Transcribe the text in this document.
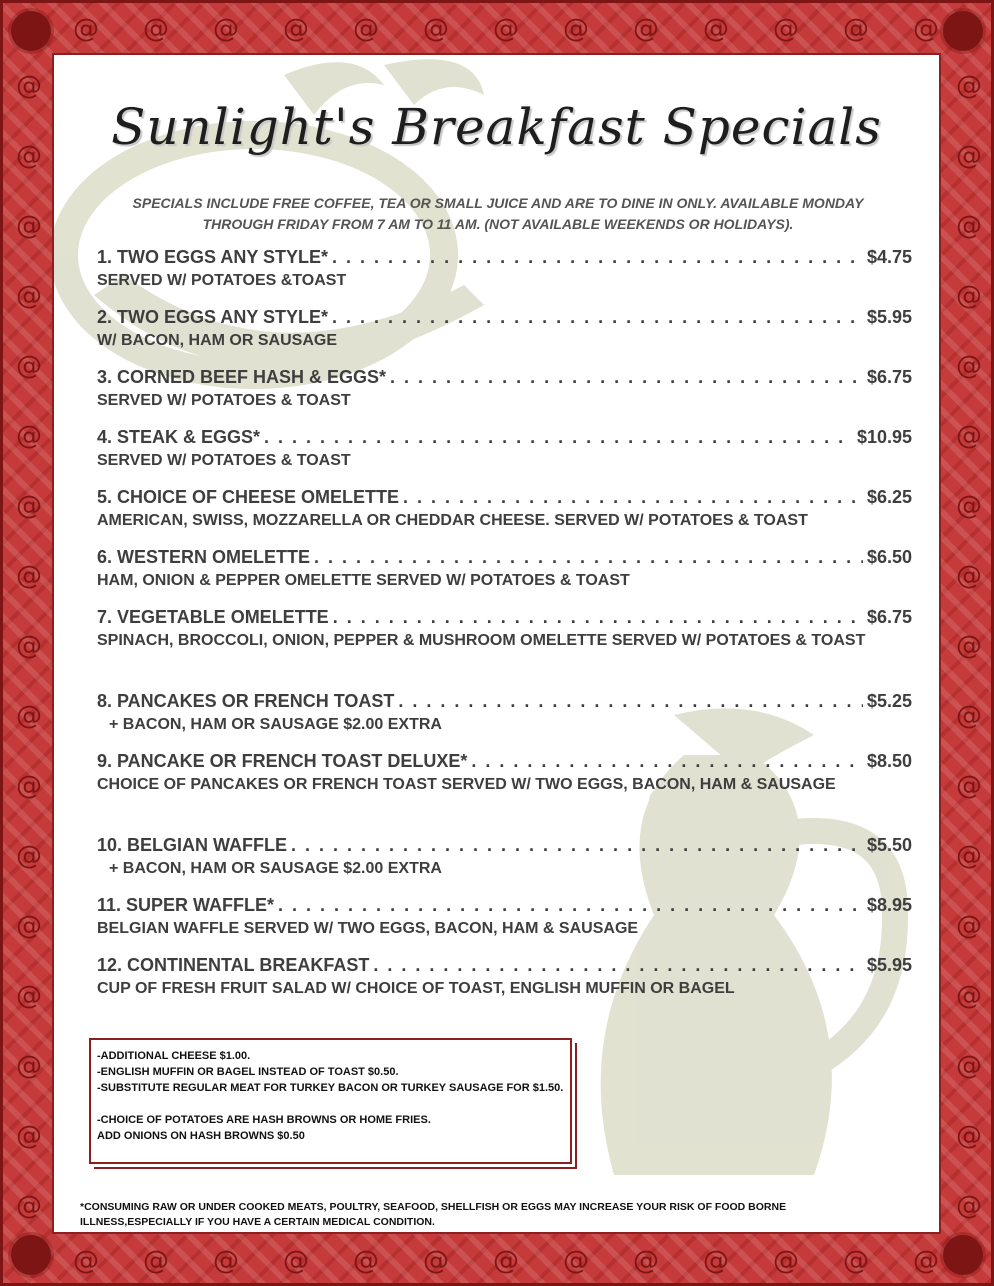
@
@
@
@
@
@
@
@
@
@
@
@
@
@
@
@
@
@
@
@
@
@
@
@
@
@
@	@
@	@
@	@
@	@
@	@
@	@
@	@
@	@
@	@
@	@
@	@
@	@
@	@
@	@
@	@
@	@
@	@
Sunlight's Breakfast Specials
SPECIALS INCLUDE FREE COFFEE, TEA OR SMALL JUICE AND ARE TO DINE IN ONLY. AVAILABLE MONDAY THROUGH FRIDAY FROM 7 AM TO 11 AM. (NOT AVAILABLE WEEKENDS OR HOLIDAYS).
1. TWO EGGS ANY STYLE* . . .	$4.75
SERVED W/ POTATOES &TOAST
2. TWO EGGS ANY STYLE* . . .	$5.95
W/ BACON, HAM OR SAUSAGE
3. CORNED BEEF HASH & EGGS* . . .	$6.75
SERVED W/ POTATOES & TOAST
4. STEAK & EGGS* . . .	$10.95
SERVED W/ POTATOES & TOAST
5. CHOICE OF CHEESE OMELETTE . . .	$6.25
AMERICAN, SWISS, MOZZARELLA OR CHEDDAR CHEESE. SERVED W/ POTATOES & TOAST
6. WESTERN OMELETTE . . .	$6.50
HAM, ONION & PEPPER OMELETTE SERVED W/ POTATOES & TOAST
7. VEGETABLE OMELETTE . . .	$6.75
SPINACH, BROCCOLI, ONION, PEPPER & MUSHROOM OMELETTE SERVED W/ POTATOES & TOAST
8. PANCAKES OR FRENCH TOAST . . .	$5.25
+ BACON, HAM OR SAUSAGE $2.00 EXTRA
9. PANCAKE OR FRENCH TOAST DELUXE* . . .	$8.50
CHOICE OF PANCAKES OR FRENCH TOAST SERVED W/ TWO EGGS, BACON, HAM & SAUSAGE
10. BELGIAN WAFFLE . . .	$5.50
+ BACON, HAM OR SAUSAGE $2.00 EXTRA
11. SUPER WAFFLE* . . .	$8.95
BELGIAN WAFFLE SERVED W/ TWO EGGS, BACON, HAM & SAUSAGE
12. CONTINENTAL BREAKFAST . . .	$5.95
CUP OF FRESH FRUIT SALAD W/ CHOICE OF TOAST, ENGLISH MUFFIN OR BAGEL
-ADDITIONAL CHEESE $1.00.
-ENGLISH MUFFIN OR BAGEL INSTEAD OF TOAST $0.50.
-SUBSTITUTE REGULAR MEAT FOR TURKEY BACON OR TURKEY SAUSAGE FOR $1.50.
-CHOICE OF POTATOES ARE HASH BROWNS OR HOME FRIES.
ADD ONIONS ON HASH BROWNS $0.50
*CONSUMING RAW OR UNDER COOKED MEATS, POULTRY, SEAFOOD, SHELLFISH OR EGGS MAY INCREASE YOUR RISK OF FOOD BORNE ILLNESS,ESPECIALLY IF YOU HAVE A CERTAIN MEDICAL CONDITION.
